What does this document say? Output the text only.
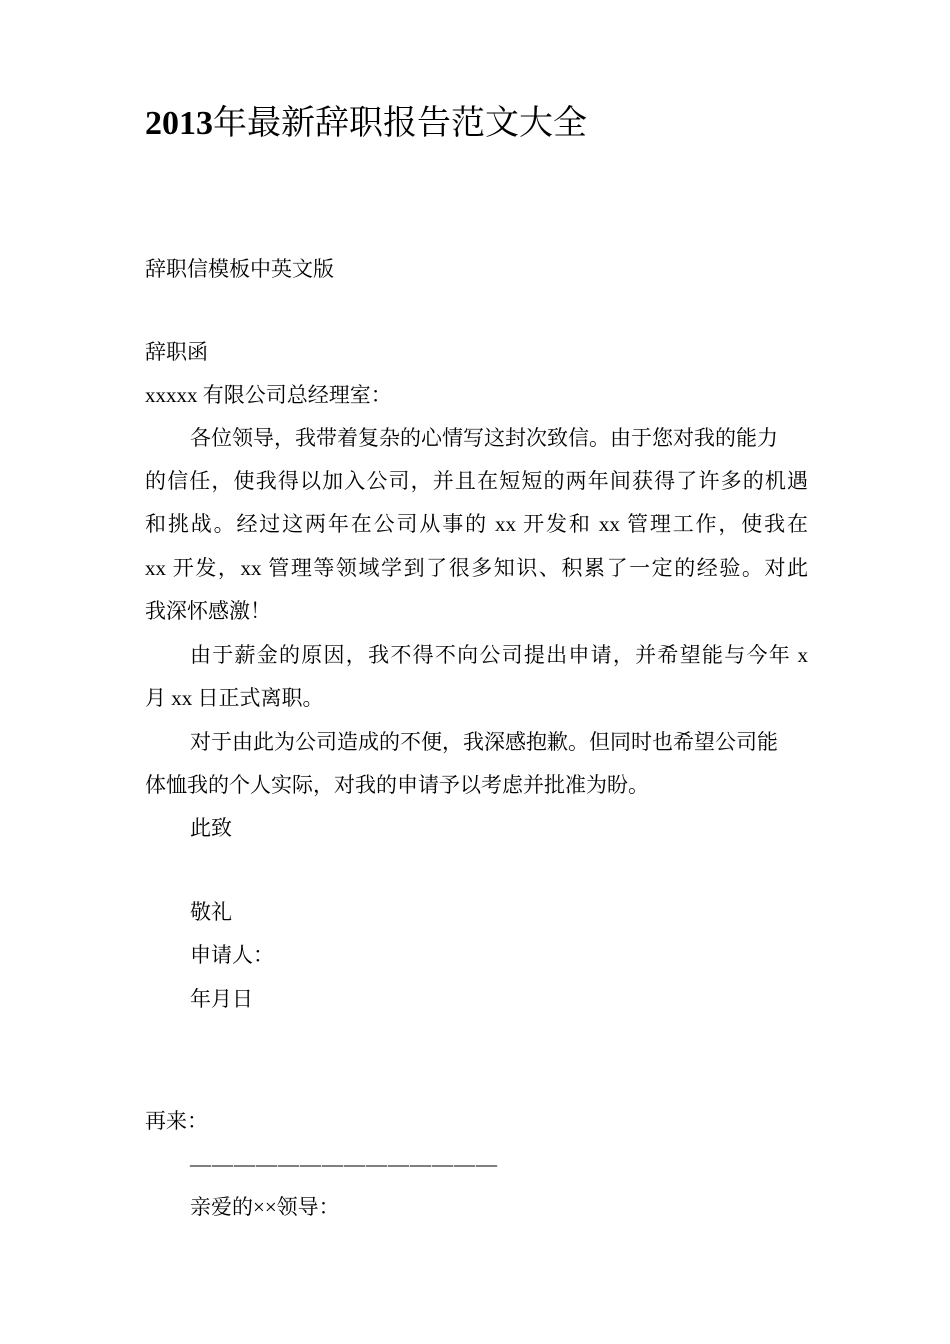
2013年最新辞职报告范文大全
辞职信模板中英文版
辞职函
xxxxx 有限公司总经理室：
各位领导，我带着复杂的心情写这封次致信。由于您对我的能力
的信任，使我得以加入公司，并且在短短的两年间获得了许多的机遇
和挑战。经过这两年在公司从事的 xx 开发和 xx 管理工作，使我在
xx 开发，xx 管理等领域学到了很多知识、积累了一定的经验。对此
我深怀感激！
由于薪金的原因，我不得不向公司提出申请，并希望能与今年 x
月 xx 日正式离职。
对于由此为公司造成的不便，我深感抱歉。但同时也希望公司能
体恤我的个人实际，对我的申请予以考虑并批准为盼。
此致
敬礼
申请人：
年月日
再来：
——————————————
亲爱的××领导：
